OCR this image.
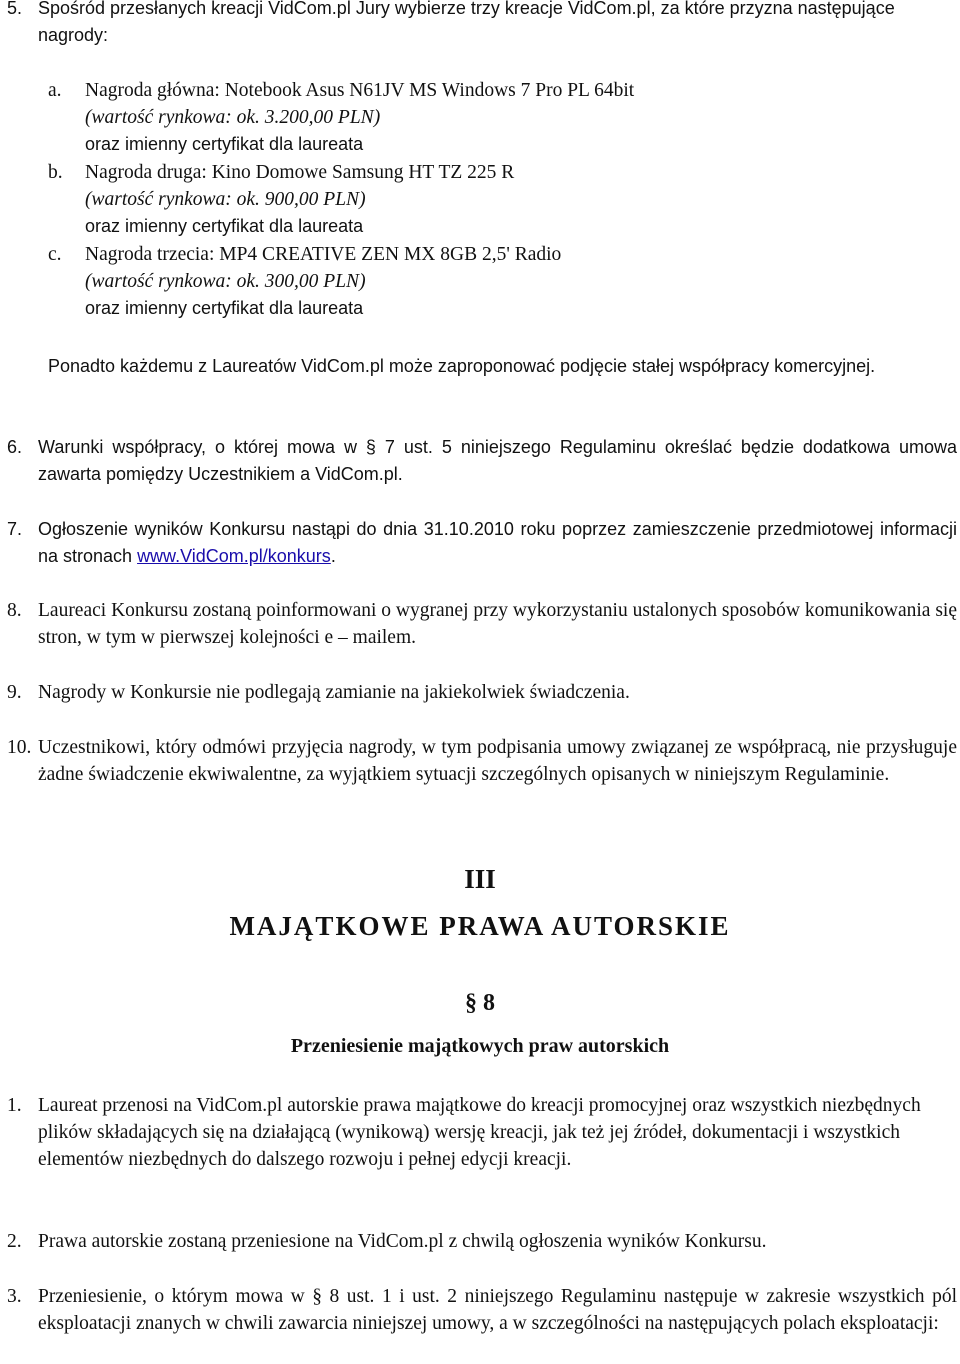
5. Spośród przesłanych kreacji VidCom.pl Jury wybierze trzy kreacje VidCom.pl, za które przyzna następujące nagrody:
a. Nagroda główna: Notebook Asus N61JV MS Windows 7 Pro PL 64bit
(wartość rynkowa: ok. 3.200,00 PLN)
oraz imienny certyfikat dla laureata
b. Nagroda druga: Kino Domowe Samsung HT TZ 225 R
(wartość rynkowa: ok. 900,00 PLN)
oraz imienny certyfikat dla laureata
c. Nagroda trzecia: MP4 CREATIVE ZEN MX 8GB 2,5' Radio
(wartość rynkowa: ok. 300,00 PLN)
oraz imienny certyfikat dla laureata
Ponadto każdemu z Laureatów VidCom.pl może zaproponować podjęcie stałej współpracy komercyjnej.
6. Warunki współpracy, o której mowa w § 7 ust. 5 niniejszego Regulaminu określać będzie dodatkowa umowa zawarta pomiędzy Uczestnikiem a VidCom.pl.
7. Ogłoszenie wyników Konkursu nastąpi do dnia 31.10.2010 roku poprzez zamieszczenie przedmiotowej informacji na stronach www.VidCom.pl/konkurs.
8. Laureaci Konkursu zostaną poinformowani o wygranej przy wykorzystaniu ustalonych sposobów komunikowania się stron, w tym w pierwszej kolejności e – mailem.
9. Nagrody w Konkursie nie podlegają zamianie na jakiekolwiek świadczenia.
10. Uczestnikowi, który odmówi przyjęcia nagrody, w tym podpisania umowy związanej ze współpracą, nie przysługuje żadne świadczenie ekwiwalentne, za wyjątkiem sytuacji szczególnych opisanych w niniejszym Regulaminie.
III
MAJĄTKOWE PRAWA AUTORSKIE
§ 8
Przeniesienie majątkowych praw autorskich
1. Laureat przenosi na VidCom.pl autorskie prawa majątkowe do kreacji promocyjnej oraz wszystkich niezbędnych plików składających się na działającą (wynikową) wersję kreacji, jak też jej źródeł, dokumentacji i wszystkich elementów niezbędnych do dalszego rozwoju i pełnej edycji kreacji.
2. Prawa autorskie zostaną przeniesione na VidCom.pl z chwilą ogłoszenia wyników Konkursu.
3. Przeniesienie, o którym mowa w § 8 ust. 1 i ust. 2 niniejszego Regulaminu następuje w zakresie wszystkich pól eksploatacji znanych w chwili zawarcia niniejszej umowy, a w szczególności na następujących polach eksploatacji:
